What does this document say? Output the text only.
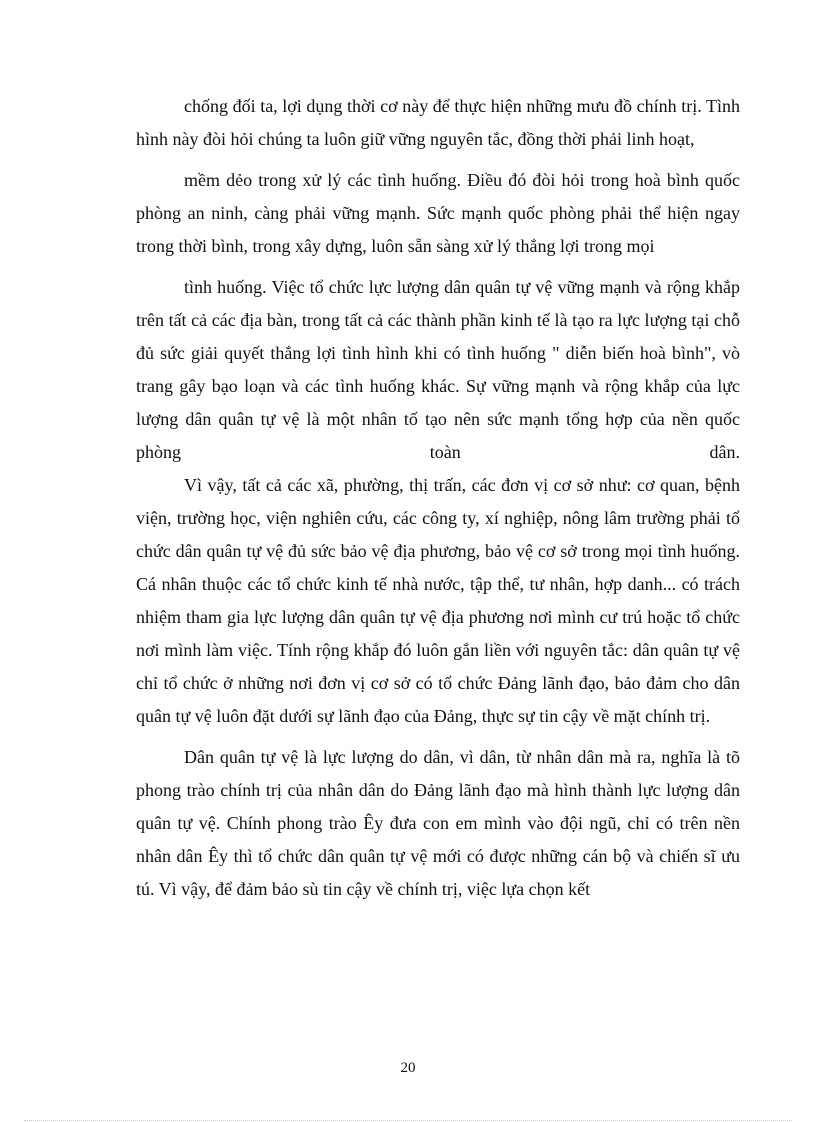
chống đối ta, lợi dụng thời cơ này để thực hiện những mưu đồ chính trị. Tình hình này đòi hỏi chúng ta luôn giữ vững nguyên tắc, đồng thời phải linh hoạt,

mềm dẻo trong xử lý các tình huống. Điều đó đòi hỏi trong hoà bình quốc phòng an ninh, càng phải vững mạnh. Sức mạnh quốc phòng phải thể hiện ngay trong thời bình, trong xây dựng, luôn sẵn sàng xử lý thắng lợi trong mọi

tình huống. Việc tổ chức lực lượng dân quân tự vệ vững mạnh và rộng khắp trên tất cả các địa bàn, trong tất cả các thành phần kinh tế là tạo ra lực lượng tại chỗ đủ sức giải quyết thắng lợi tình hình khi có tình huống " diễn biến hoà bình", vò trang gây bạo loạn và các tình huống khác. Sự vững mạnh và rộng khắp của lực lượng dân quân tự vệ là một nhân tố tạo nên sức mạnh tổng hợp của nền quốc phòng toàn dân.

Vì vậy, tất cả các xã, phường, thị trấn, các đơn vị cơ sở như: cơ quan, bệnh viện, trường học, viện nghiên cứu, các công ty, xí nghiệp, nông lâm trường phải tổ chức dân quân tự vệ đủ sức bảo vệ địa phương, bảo vệ cơ sở trong mọi tình huống. Cá nhân thuộc các tổ chức kinh tế nhà nước, tập thể, tư nhân, hợp danh... có trách nhiệm tham gia lực lượng dân quân tự vệ địa phương nơi mình cư trú hoặc tổ chức nơi mình làm việc. Tính rộng khắp đó luôn gắn liền với nguyên tắc: dân quân tự vệ chỉ tổ chức ở những nơi đơn vị cơ sở có tổ chức Đảng lãnh đạo, bảo đảm cho dân quân tự vệ luôn đặt dưới sự lãnh đạo của Đảng, thực sự tin cậy về mặt chính trị.

Dân quân tự vệ là lực lượng do dân, vì dân, từ nhân dân mà ra, nghĩa là tõ phong trào chính trị của nhân dân do Đảng lãnh đạo mà hình thành lực lượng dân quân tự vệ. Chính phong trào Êy đưa con em mình vào đội ngũ, chỉ có trên nền nhân dân Êy thì tổ chức dân quân tự vệ mới có được những cán bộ và chiến sĩ ưu tú. Vì vậy, để đảm bảo sù tin cậy về chính trị, việc lựa chọn kết

20
